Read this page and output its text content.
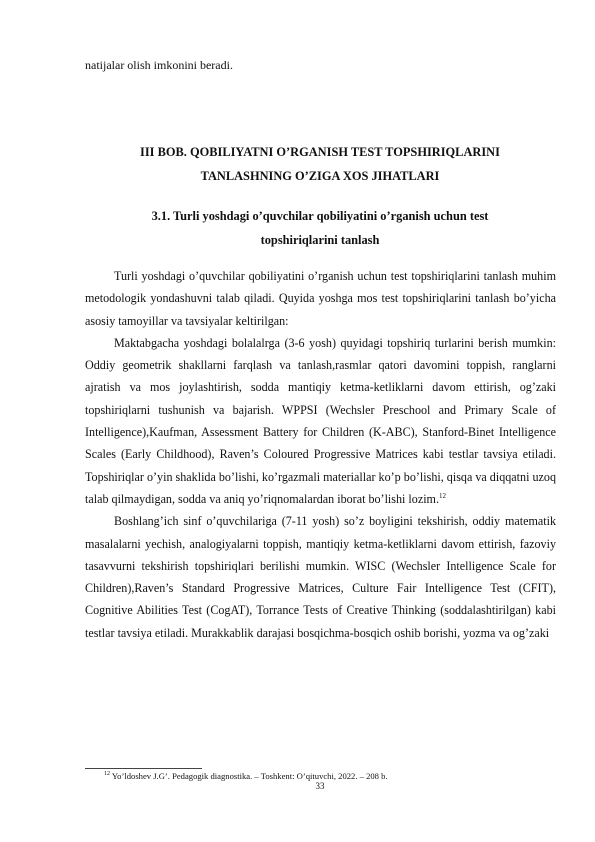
natijalar olish imkonini beradi.
III BOB. QOBILIYATNI O’RGANISH TEST TOPSHIRIQLARINI
TANLASHNING O’ZIGA XOS JIHATLARI
3.1. Turli yoshdagi o’quvchilar qobiliyatini o’rganish uchun test
topshiriqlarini tanlash

Turli yoshdagi o’quvchilar qobiliyatini o’rganish uchun test topshiriqlarini tanlash muhim metodologik yondashuvni talab qiladi. Quyida yoshga mos test topshiriqlarini tanlash bo’yicha asosiy tamoyillar va tavsiyalar keltirilgan:

Maktabgacha yoshdagi bolalalrga (3-6 yosh) quyidagi topshiriq turlarini berish mumkin: Oddiy geometrik shakllarni farqlash va tanlash,rasmlar qatori davomini toppish, ranglarni ajratish va mos joylashtirish, sodda mantiqiy ketma-ketliklarni davom ettirish, og’zaki topshiriqlarni tushunish va bajarish. WPPSI (Wechsler Preschool and Primary Scale of Intelligence),Kaufman, Assessment Battery for Children (K-ABC), Stanford-Binet Intelligence Scales (Early Childhood), Raven’s Coloured Progressive Matrices kabi testlar tavsiya etiladi. Topshiriqlar o’yin shaklida bo’lishi, ko’rgazmali materiallar ko’p bo’lishi, qisqa va diqqatni uzoq talab qilmaydigan, sodda va aniq yo’riqnomalardan iborat bo’lishi lozim.$^{12}$

Boshlang’ich sinf o’quvchilariga (7-11 yosh) so’z boyligini tekshirish, oddiy matematik masalalarni yechish, analogiyalarni toppish, mantiqiy ketma-ketliklarni davom ettirish, fazoviy tasavvurni tekshirish topshiriqlari berilishi mumkin. WISC (Wechsler Intelligence Scale for Children),Raven’s Standard Progressive Matrices, Culture Fair Intelligence Test (CFIT), Cognitive Abilities Test (CogAT), Torrance Tests of Creative Thinking (soddalashtirilgan) kabi testlar tavsiya etiladi. Murakkablik darajasi bosqichma-bosqich oshib borishi, yozma va og’zaki

$^{12}$ Yo’ldoshev J.G’. Pedagogik diagnostika. – Toshkent: O’qituvchi, 2022. – 208 b.
33
